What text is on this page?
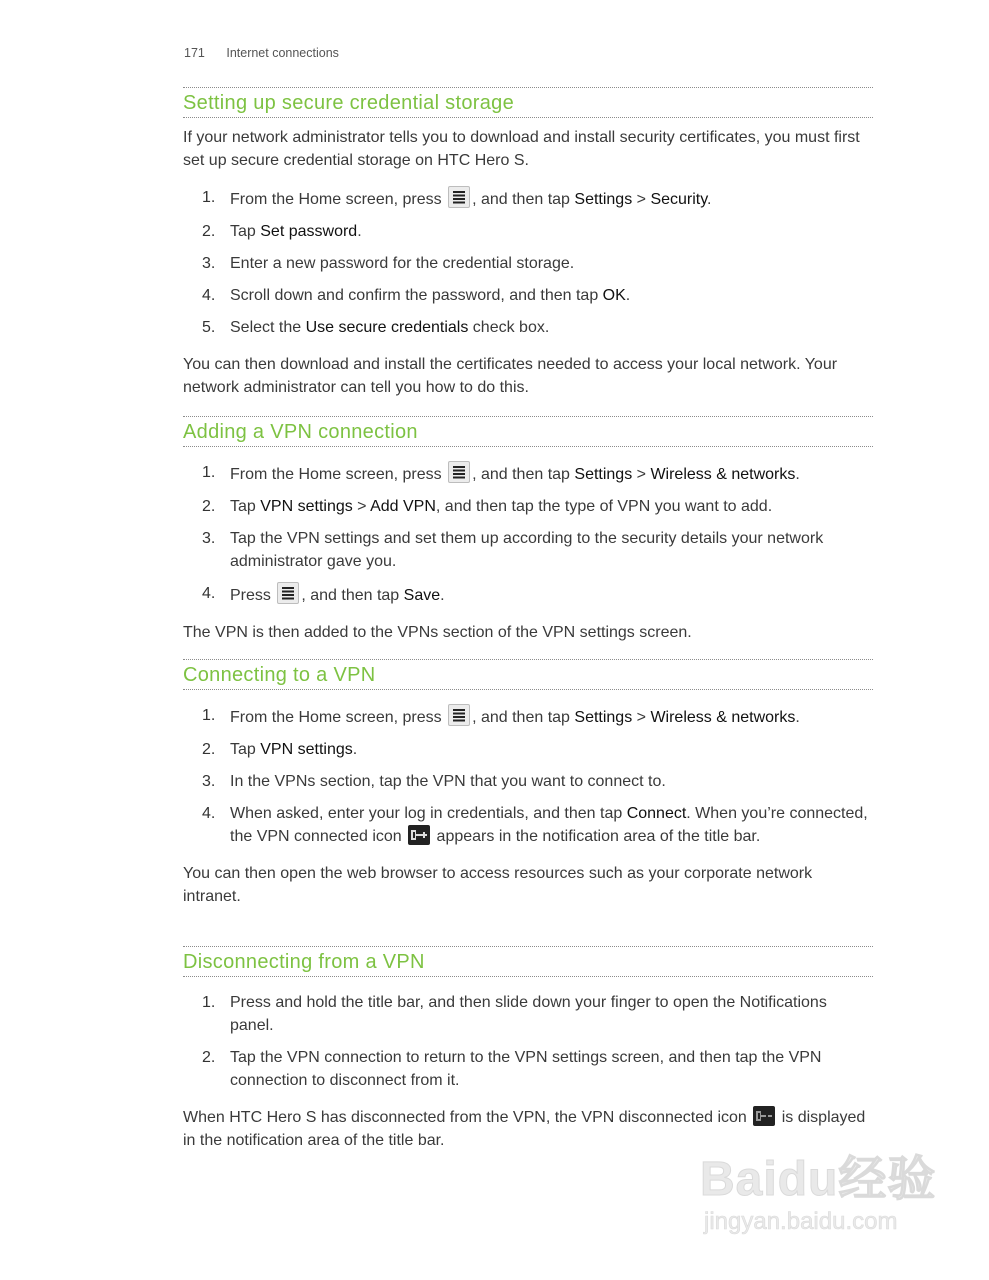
171 Internet connections
Setting up secure credential storage

If your network administrator tells you to download and install security certificates, you must first set up secure credential storage on HTC Hero S.

1. From the Home screen, press
, and then tap Settings > Security.
2. Tap Set password.
3. Enter a new password for the credential storage.
4. Scroll down and confirm the password, and then tap OK.
5. Select the Use secure credentials check box.

You can then download and install the certificates needed to access your local network. Your network administrator can tell you how to do this.

Adding a VPN connection
1. From the Home screen, press
, and then tap Settings > Wireless & networks.
2. Tap VPN settings > Add VPN, and then tap the type of VPN you want to add.
3. Tap the VPN settings and set them up according to the security details your network administrator gave you.
4. Press
, and then tap Save.

The VPN is then added to the VPNs section of the VPN settings screen.

Connecting to a VPN
1. From the Home screen, press
, and then tap Settings > Wireless & networks.
2. Tap VPN settings.
3. In the VPNs section, tap the VPN that you want to connect to.
4. When asked, enter your log in credentials, and then tap Connect. When you’re connected, the VPN connected icon
appears in the notification area of the title bar.

You can then open the web browser to access resources such as your corporate network intranet.

Disconnecting from a VPN
1. Press and hold the title bar, and then slide down your finger to open the Notifications panel.
2. Tap the VPN connection to return to the VPN settings screen, and then tap the VPN connection to disconnect from it.

When HTC Hero S has disconnected from the VPN, the VPN disconnected icon
is displayed in the notification area of the title bar.

Baidu经验
jingyan.baidu.com
